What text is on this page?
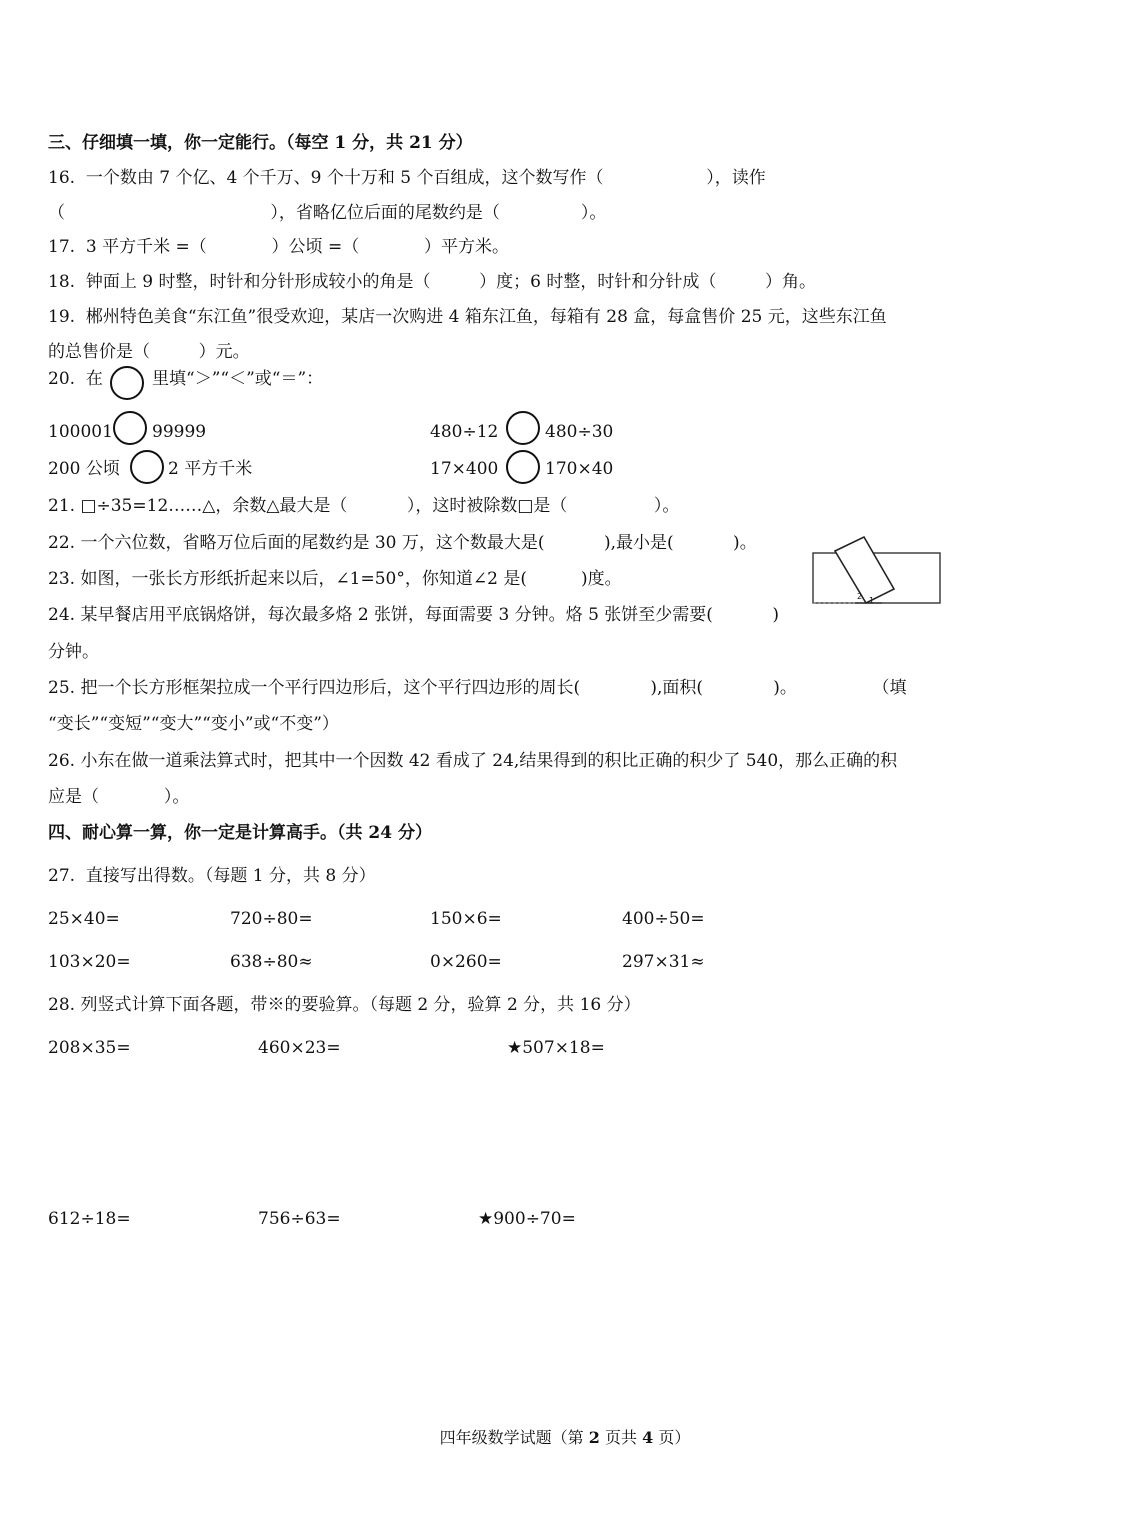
三、仔细填一填，你一定能行。（每空 1 分，共 21 分）
16.  一个数由 7 个亿、4 个千万、9 个十万和 5 个百组成，这个数写作（                   ），读作
（                                      ），省略亿位后面的尾数约是（               ）。
17.  3 平方千米 =（            ）公顷 =（            ）平方米。
18.  钟面上 9 时整，时针和分针形成较小的角是（         ）度；6 时整，时针和分针成（         ）角。
19.  郴州特色美食“东江鱼”很受欢迎，某店一次购进 4 箱东江鱼，每箱有 28 盒，每盒售价 25 元，这些东江鱼
的总售价是（         ）元。
20.  在	里填“＞”“＜”或“＝”：
100001 99999	480÷12	480÷30
200 公顷	2 平方千米	17×400	170×40
21. □÷35=12……△，余数△最大是（           ），这时被除数□是（                ）。
22. 一个六位数，省略万位后面的尾数约是 30 万，这个数最大是(           ),最小是(           )。
23. 如图，一张长方形纸折起来以后，∠1=50°，你知道∠2 是(          )度。
2 1
24. 某早餐店用平底锅烙饼，每次最多烙 2 张饼，每面需要 3 分钟。烙 5 张饼至少需要(           )
分钟。
25. 把一个长方形框架拉成一个平行四边形后，这个平行四边形的周长(             ),面积(             )。              （填
“变长”“变短”“变大”“变小”或“不变”）
26. 小东在做一道乘法算式时，把其中一个因数 42 看成了 24,结果得到的积比正确的积少了 540，那么正确的积
应是（            ）。
四、耐心算一算，你一定是计算高手。（共 24 分）
27.  直接写出得数。（每题 1 分，共 8 分）
25×40=	720÷80=	150×6=	400÷50=
103×20=	638÷80≈	0×260=	297×31≈
28. 列竖式计算下面各题，带※的要验算。（每题 2 分，验算 2 分，共 16 分）
208×35=	460×23=	★507×18=
612÷18=	756÷63=	★900÷70=
四年级数学试题（第 2 页共 4 页）
